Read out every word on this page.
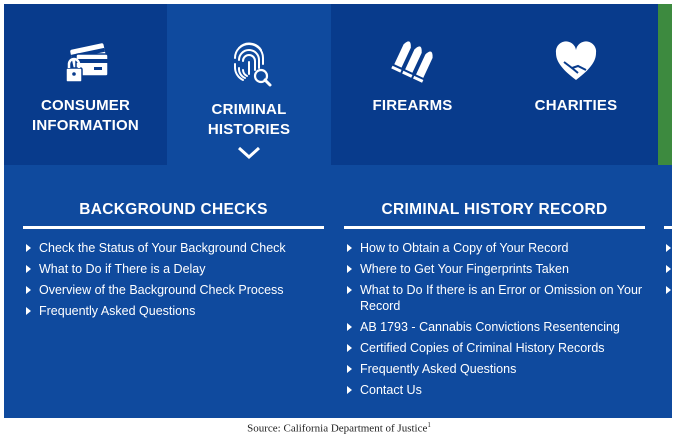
CONSUMER
INFORMATION
CRIMINAL
HISTORIES
FIREARMS	CHARITIES
BACKGROUND CHECKS
Check the Status of Your Background Check
What to Do if There is a Delay
Overview of the Background Check Process
Frequently Asked Questions
CRIMINAL HISTORY RECORD
How to Obtain a Copy of Your Record
Where to Get Your Fingerprints Taken
What to Do If there is an Error or Omission on Your Record
AB 1793 - Cannabis Convictions Resentencing
Certified Copies of Criminal History Records
Frequently Asked Questions
Contact Us
Source: California Department of Justice$^1$
